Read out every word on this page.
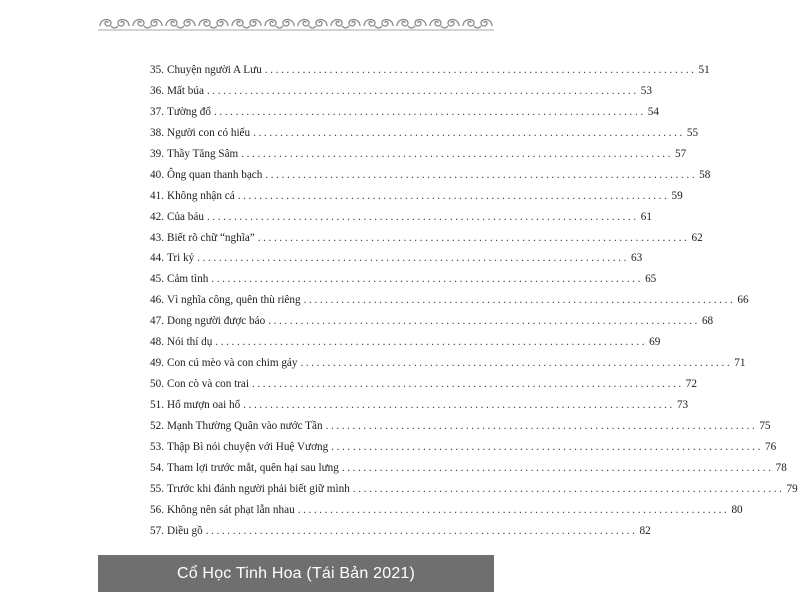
35. Chuyện người A Lưu ................................................................................ 51
36. Mất búa ................................................................................ 53
37. Tường đổ ................................................................................ 54
38. Người con có hiếu ................................................................................ 55
39. Thầy Tăng Sâm ................................................................................ 57
40. Ông quan thanh bạch ................................................................................ 58
41. Không nhận cá ................................................................................ 59
42. Của báu ................................................................................ 61
43. Biết rõ chữ “nghĩa” ................................................................................ 62
44. Tri kỷ ................................................................................ 63
45. Cảm tình ................................................................................ 65
46. Vì nghĩa công, quên thù riêng ................................................................................ 66
47. Dong người được báo ................................................................................ 68
48. Nói thí dụ ................................................................................ 69
49. Con cú mèo và con chim gáy ................................................................................ 71
50. Con cò và con trai ................................................................................ 72
51. Hổ mượn oai hổ ................................................................................ 73
52. Mạnh Thường Quân vào nước Tần ................................................................................ 75
53. Thập Bì nói chuyện với Huệ Vương ................................................................................ 76
54. Tham lợi trước mắt, quên hại sau lưng ................................................................................ 78
55. Trước khi đánh người phải biết giữ mình ................................................................................ 79
56. Không nên sát phạt lẫn nhau ................................................................................ 80
57. Diều gồ ................................................................................ 82
Cổ Học Tinh Hoa (Tái Bản 2021)
